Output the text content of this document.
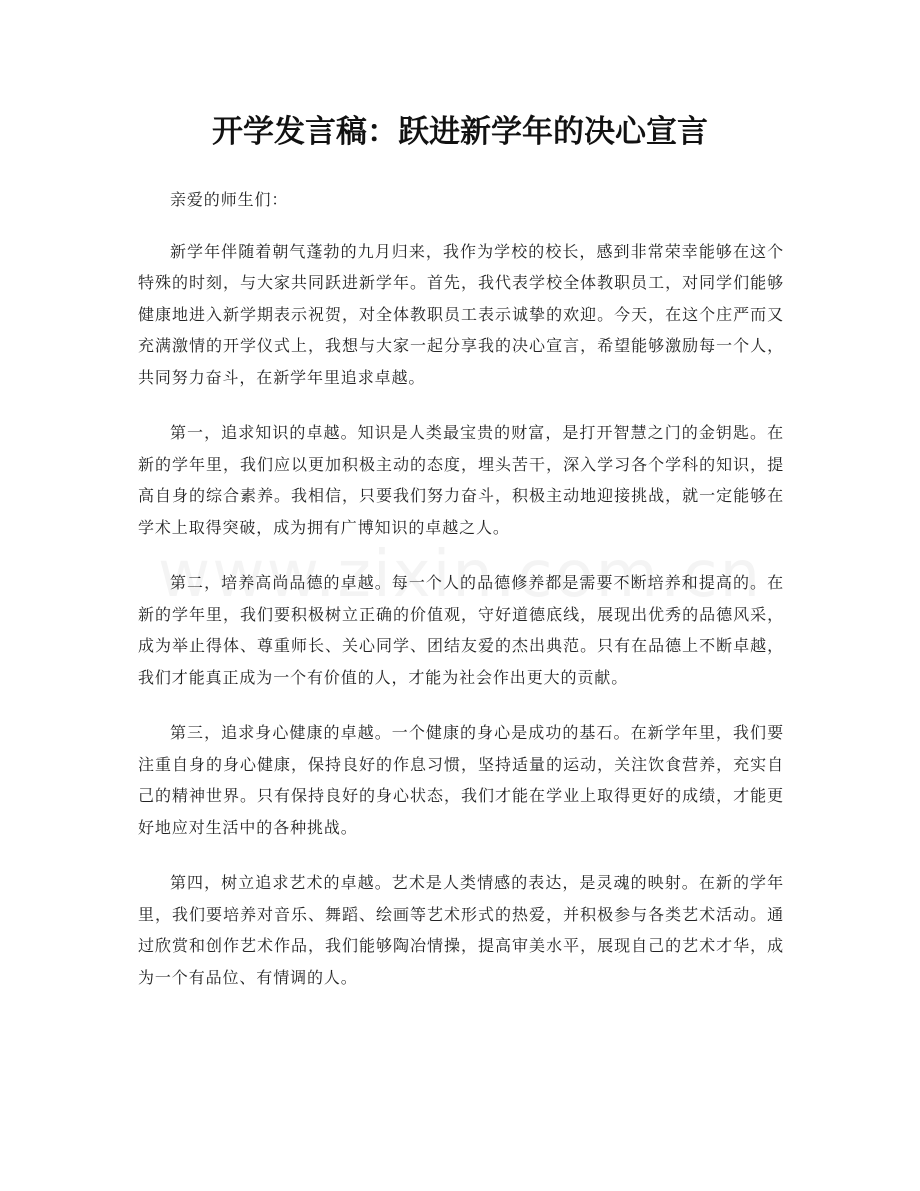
开学发言稿：跃进新学年的决心宣言

亲爱的师生们：

新学年伴随着朝气蓬勃的九月归来，我作为学校的校长，感到非常荣幸能够在这个特殊的时刻，与大家共同跃进新学年。首先，我代表学校全体教职员工，对同学们能够健康地进入新学期表示祝贺，对全体教职员工表示诚挚的欢迎。今天，在这个庄严而又充满激情的开学仪式上，我想与大家一起分享我的决心宣言，希望能够激励每一个人，共同努力奋斗，在新学年里追求卓越。

第一，追求知识的卓越。知识是人类最宝贵的财富，是打开智慧之门的金钥匙。在新的学年里，我们应以更加积极主动的态度，埋头苦干，深入学习各个学科的知识，提高自身的综合素养。我相信，只要我们努力奋斗，积极主动地迎接挑战，就一定能够在学术上取得突破，成为拥有广博知识的卓越之人。

第二，培养高尚品德的卓越。每一个人的品德修养都是需要不断培养和提高的。在新的学年里，我们要积极树立正确的价值观，守好道德底线，展现出优秀的品德风采，成为举止得体、尊重师长、关心同学、团结友爱的杰出典范。只有在品德上不断卓越，我们才能真正成为一个有价值的人，才能为社会作出更大的贡献。

第三，追求身心健康的卓越。一个健康的身心是成功的基石。在新学年里，我们要注重自身的身心健康，保持良好的作息习惯，坚持适量的运动，关注饮食营养，充实自己的精神世界。只有保持良好的身心状态，我们才能在学业上取得更好的成绩，才能更好地应对生活中的各种挑战。

第四，树立追求艺术的卓越。艺术是人类情感的表达，是灵魂的映射。在新的学年里，我们要培养对音乐、舞蹈、绘画等艺术形式的热爱，并积极参与各类艺术活动。通过欣赏和创作艺术作品，我们能够陶冶情操，提高审美水平，展现自己的艺术才华，成为一个有品位、有情调的人。
